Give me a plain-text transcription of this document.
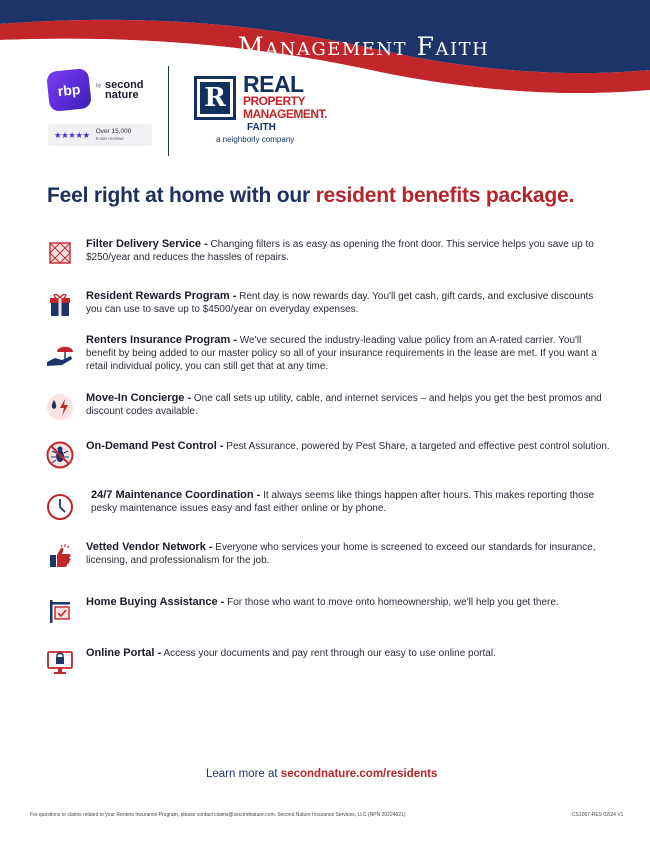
Management Faith
rbp	by second nature
★★★★★ Over 15,000
5-star reviews
R REAL
PROPERTY
MANAGEMENT.
FAITH
a neighborly company
Feel right at home with our resident benefits package.
Filter Delivery Service - Changing filters is as easy as opening the front door. This service helps you save up to $250/year and reduces the hassles of repairs.
Resident Rewards Program - Rent day is now rewards day. You'll get cash, gift cards, and exclusive discounts you can use to save up to $4500/year on everyday expenses.
Renters Insurance Program - We've secured the industry-leading value policy from an A-rated carrier. You'll benefit by being added to our master policy so all of your insurance requirements in the lease are met. If you want a retail individual policy, you can still get that at any time.
Move-In Concierge - One call sets up utility, cable, and internet services – and helps you get the best promos and discount codes available.
On-Demand Pest Control - Pest Assurance, powered by Pest Share, a targeted and effective pest control solution.
24/7 Maintenance Coordination - It always seems like things happen after hours. This makes reporting those pesky maintenance issues easy and fast either online or by phone.
Vetted Vendor Network - Everyone who services your home is screened to exceed our standards for insurance, licensing, and professionalism for the job.
Home Buying Assistance - For those who want to move onto homeownership, we'll help you get there.
Online Portal - Access your documents and pay rent through our easy to use online portal.
Learn more at secondnature.com/residents
For questions or claims related to your Renters Insurance Program, please contact claims@secondnature.com. Second Nature Insurance Services, LLC (NPN 20224621)	CS1007-RES 02/24 V1
